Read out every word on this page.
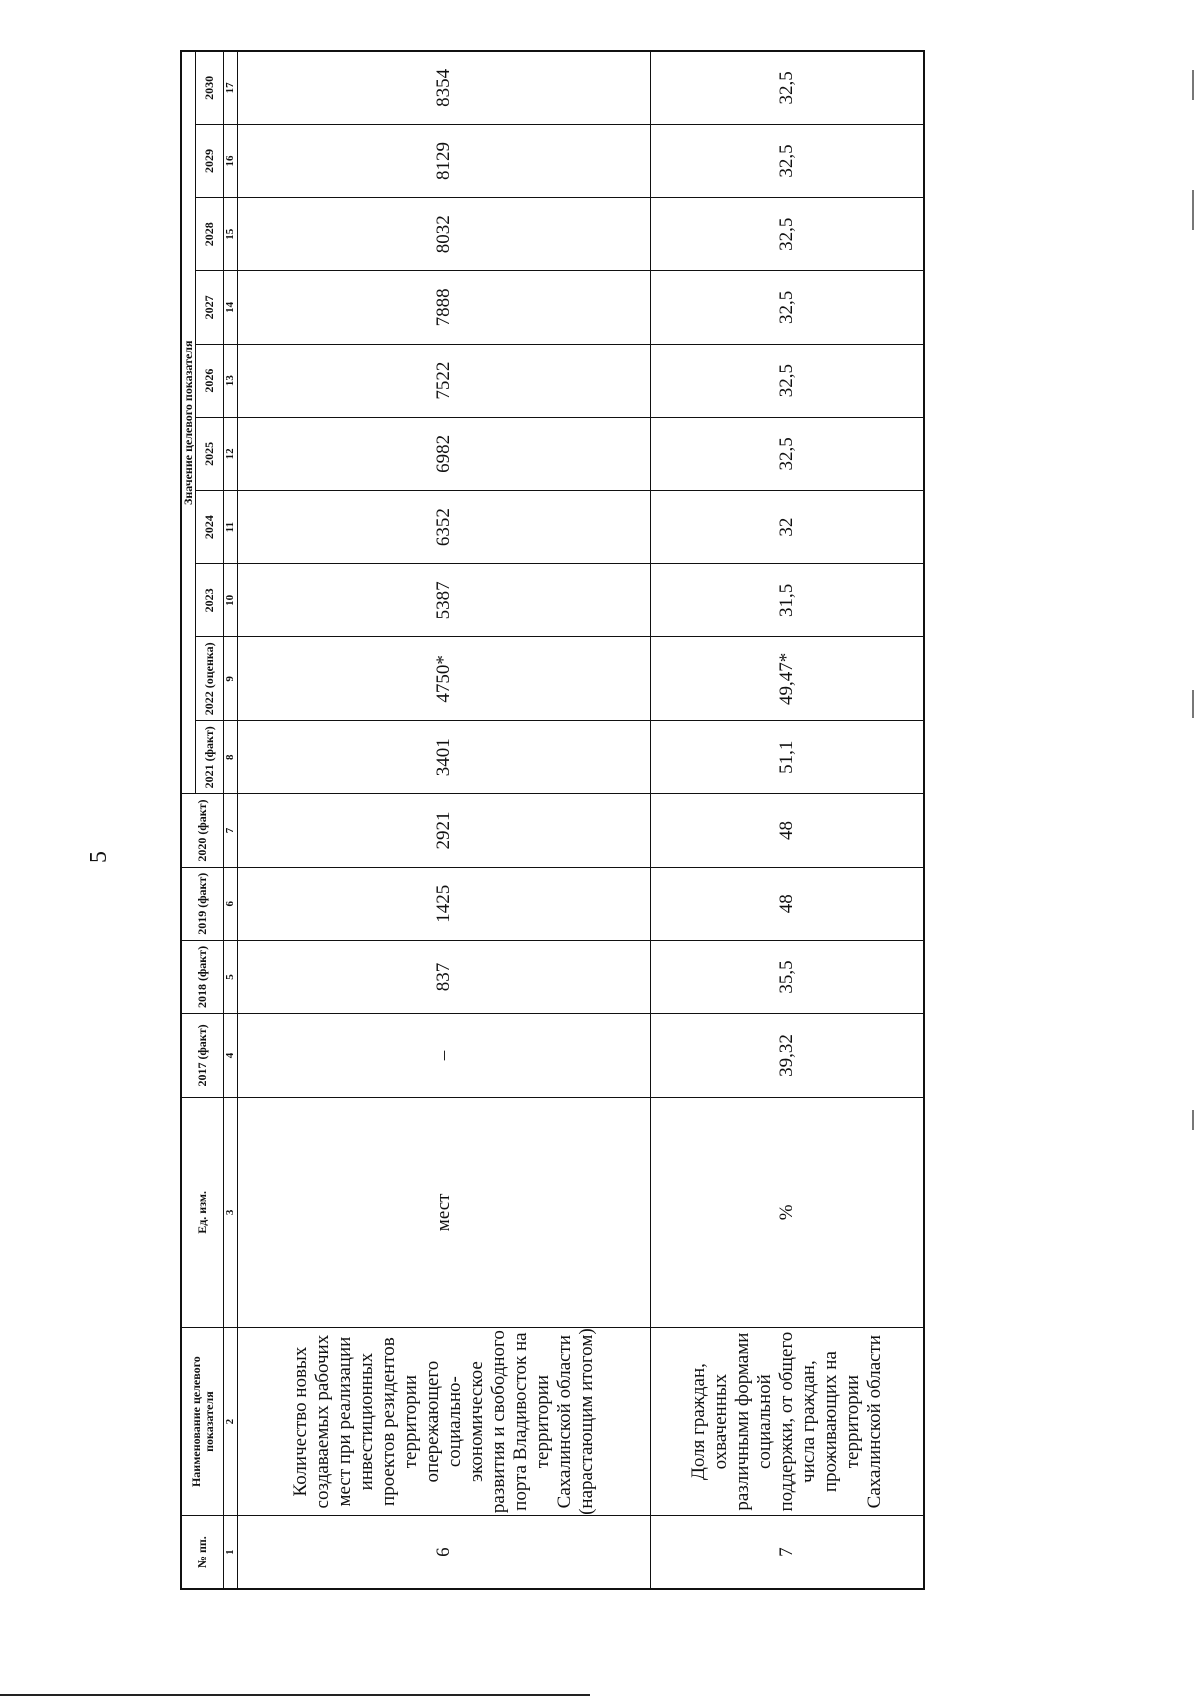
5
№ пп.	Наименование целевого показателя	Ед. изм.	2017 (факт)	2018 (факт)	2019 (факт)	2020 (факт)	Значение целевого показателя									
							2021 (факт)	2022 (оценка)	2023	2024	2025	2026	2027	2028	2029	2030
1	2	3	4	5	6	7	8	9	10	11	12	13	14	15	16	17
6	Количество новых создаваемых рабочих мест при реализации инвестиционных проектов резидентов территории опережающего социально-экономическое развития и свободного порта Владивосток на территории Сахалинской области (нарастающим итогом)	мест	–	837	1425	2921	3401	4750*	5387	6352	6982	7522	7888	8032	8129	8354
7	Доля граждан, охваченных различными формами социальной поддержки, от общего числа граждан, проживающих на территории Сахалинской области	%	39,32	35,5	48	48	51,1	49,47*	31,5	32	32,5	32,5	32,5	32,5	32,5	32,5
